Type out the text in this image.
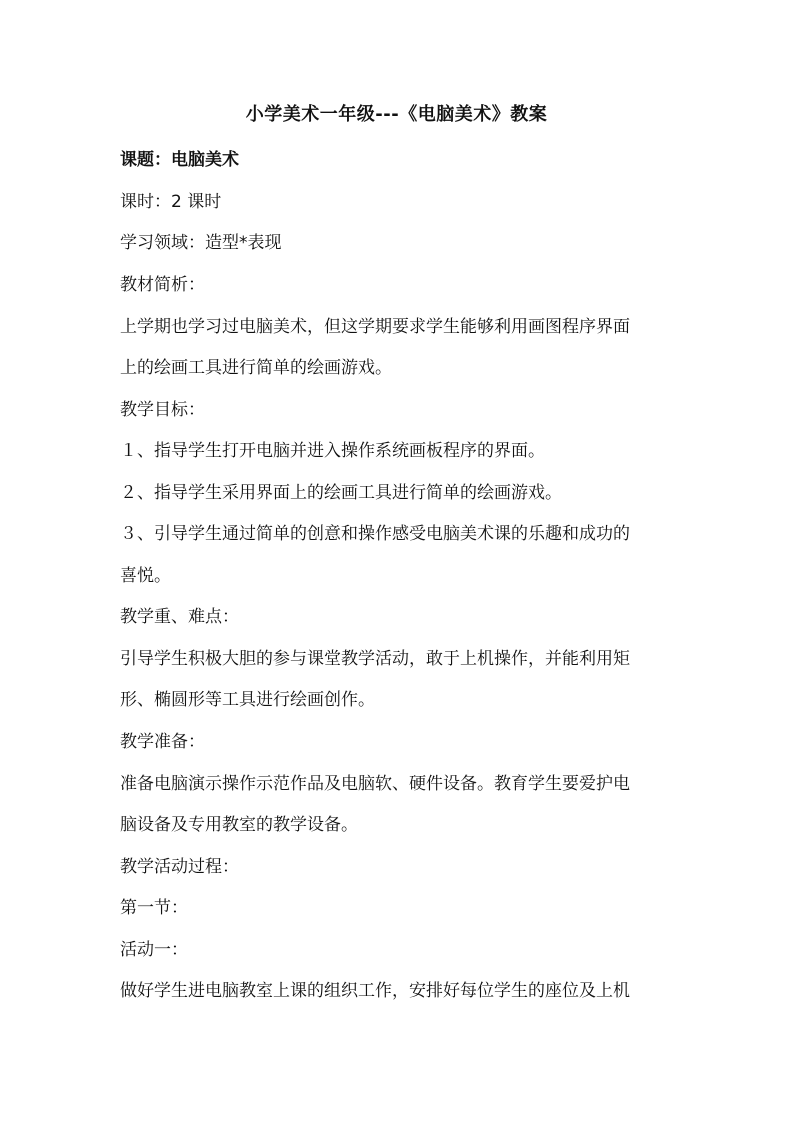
小学美术一年级---《电脑美术》教案
课题：电脑美术
课时：2 课时
学习领域：造型*表现
教材简析：
上学期也学习过电脑美术，但这学期要求学生能够利用画图程序界面
上的绘画工具进行简单的绘画游戏。
教学目标：
１、指导学生打开电脑并进入操作系统画板程序的界面。
２、指导学生采用界面上的绘画工具进行简单的绘画游戏。
３、引导学生通过简单的创意和操作感受电脑美术课的乐趣和成功的
喜悦。
教学重、难点：
引导学生积极大胆的参与课堂教学活动，敢于上机操作，并能利用矩
形、椭圆形等工具进行绘画创作。
教学准备：
准备电脑演示操作示范作品及电脑软、硬件设备。教育学生要爱护电
脑设备及专用教室的教学设备。
教学活动过程：
第一节：
活动一：
做好学生进电脑教室上课的组织工作，安排好每位学生的座位及上机
